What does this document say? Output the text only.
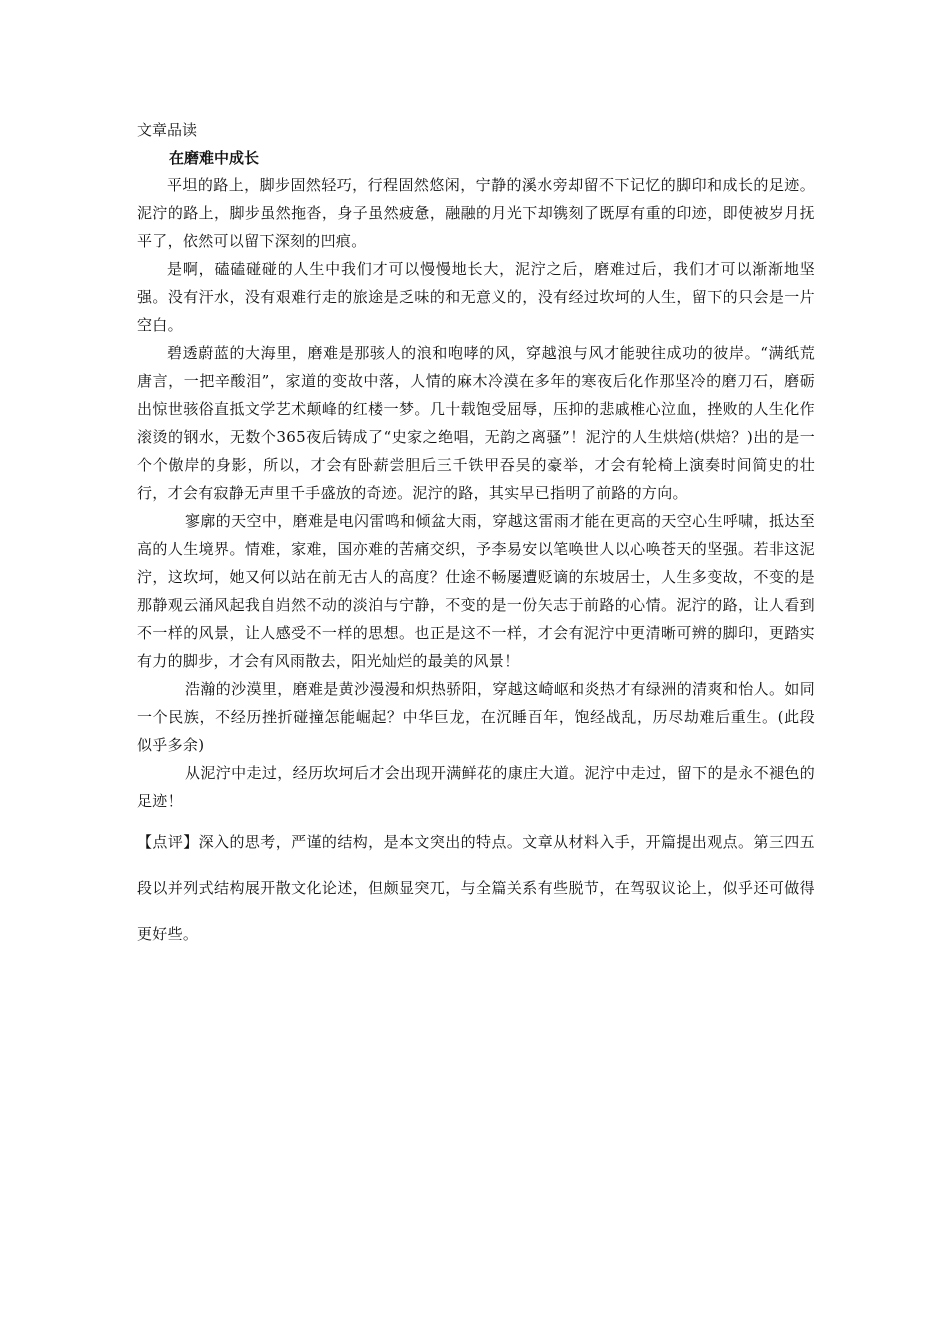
文章品读

在磨难中成长

平坦的路上，脚步固然轻巧，行程固然悠闲，宁静的溪水旁却留不下记忆的脚印和成长的足迹。泥泞的路上，脚步虽然拖沓，身子虽然疲惫，融融的月光下却镌刻了既厚有重的印迹，即使被岁月抚平了，依然可以留下深刻的凹痕。

是啊，磕磕碰碰的人生中我们才可以慢慢地长大，泥泞之后，磨难过后，我们才可以渐渐地坚强。没有汗水，没有艰难行走的旅途是乏味的和无意义的，没有经过坎坷的人生，留下的只会是一片空白。

碧透蔚蓝的大海里，磨难是那骇人的浪和咆哮的风，穿越浪与风才能驶往成功的彼岸。“满纸荒唐言，一把辛酸泪”，家道的变故中落，人情的麻木冷漠在多年的寒夜后化作那坚冷的磨刀石，磨砺出惊世骇俗直抵文学艺术颠峰的红楼一梦。几十载饱受屈辱，压抑的悲戚椎心泣血，挫败的人生化作滚烫的钢水，无数个365夜后铸成了“史家之绝唱，无韵之离骚”！泥泞的人生烘焙(烘焙？)出的是一个个傲岸的身影，所以，才会有卧薪尝胆后三千铁甲吞吴的豪举，才会有轮椅上演奏时间简史的壮行，才会有寂静无声里千手盛放的奇迹。泥泞的路，其实早已指明了前路的方向。

寥廓的天空中，磨难是电闪雷鸣和倾盆大雨，穿越这雷雨才能在更高的天空心生呼啸，抵达至高的人生境界。情难，家难，国亦难的苦痛交织，予李易安以笔唤世人以心唤苍天的坚强。若非这泥泞，这坎坷，她又何以站在前无古人的高度？仕途不畅屡遭贬谪的东坡居士，人生多变故，不变的是那静观云涌风起我自岿然不动的淡泊与宁静，不变的是一份矢志于前路的心情。泥泞的路，让人看到不一样的风景，让人感受不一样的思想。也正是这不一样，才会有泥泞中更清晰可辨的脚印，更踏实有力的脚步，才会有风雨散去，阳光灿烂的最美的风景！

浩瀚的沙漠里，磨难是黄沙漫漫和炽热骄阳，穿越这崎岖和炎热才有绿洲的清爽和怡人。如同一个民族，不经历挫折碰撞怎能崛起？中华巨龙，在沉睡百年，饱经战乱，历尽劫难后重生。(此段似乎多余)

从泥泞中走过，经历坎坷后才会出现开满鲜花的康庄大道。泥泞中走过，留下的是永不褪色的足迹！

【点评】深入的思考，严谨的结构，是本文突出的特点。文章从材料入手，开篇提出观点。第三四五段以并列式结构展开散文化论述，但颇显突兀，与全篇关系有些脱节，在驾驭议论上，似乎还可做得更好些。
